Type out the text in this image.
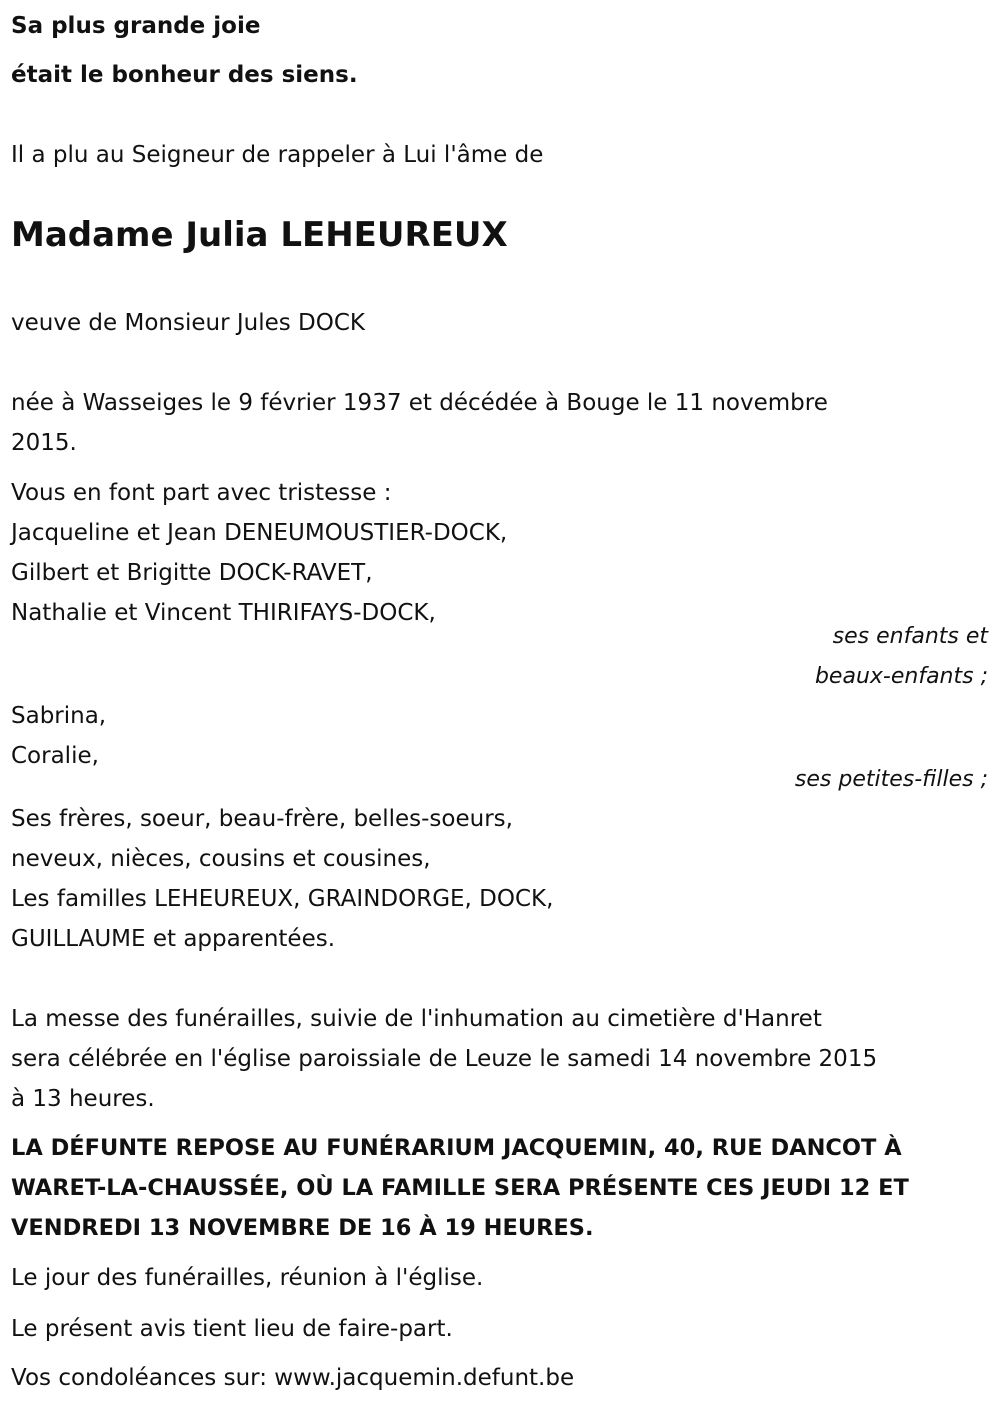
Sa plus grande joie
était le bonheur des siens.
Il a plu au Seigneur de rappeler à Lui l'âme de
Madame Julia LEHEUREUX
veuve de Monsieur Jules DOCK
née à Wasseiges le 9 février 1937 et décédée à Bouge le 11 novembre
2015.
Vous en font part avec tristesse :
Jacqueline et Jean DENEUMOUSTIER-DOCK,
Gilbert et Brigitte DOCK-RAVET,
Nathalie et Vincent THIRIFAYS-DOCK,
ses enfants et
beaux-enfants ;
Sabrina,
Coralie,
ses petites-filles ;
Ses frères, soeur, beau-frère, belles-soeurs,
neveux, nièces, cousins et cousines,
Les familles LEHEUREUX, GRAINDORGE, DOCK,
GUILLAUME et apparentées.
La messe des funérailles, suivie de l'inhumation au cimetière d'Hanret
sera célébrée en l'église paroissiale de Leuze le samedi 14 novembre 2015
à 13 heures.
LA DÉFUNTE REPOSE AU FUNÉRARIUM JACQUEMIN, 40, RUE DANCOT À
WARET-LA-CHAUSSÉE, OÙ LA FAMILLE SERA PRÉSENTE CES JEUDI 12 ET
VENDREDI 13 NOVEMBRE DE 16 À 19 HEURES.
Le jour des funérailles, réunion à l'église.
Le présent avis tient lieu de faire-part.
Vos condoléances sur: www.jacquemin.defunt.be
